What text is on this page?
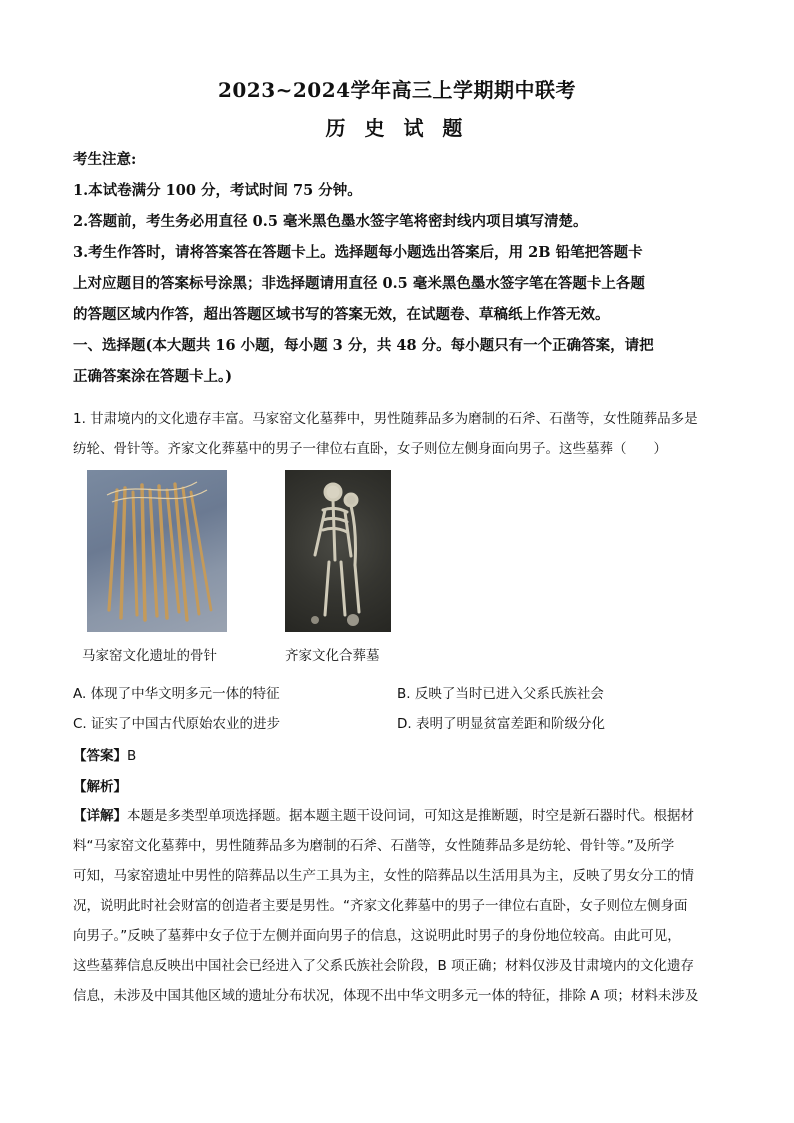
2023~2024学年高三上学期期中联考
历 史 试 题
考生注意:
1.本试卷满分 100 分，考试时间 75 分钟。
2.答题前，考生务必用直径 0.5 毫米黑色墨水签字笔将密封线内项目填写清楚。
3.考生作答时，请将答案答在答题卡上。选择题每小题选出答案后，用 2B 铅笔把答题卡
上对应题目的答案标号涂黑；非选择题请用直径 0.5 毫米黑色墨水签字笔在答题卡上各题
的答题区域内作答，超出答题区域书写的答案无效，在试题卷、草稿纸上作答无效。
一、选择题(本大题共 16 小题，每小题 3 分，共 48 分。每小题只有一个正确答案，请把
正确答案涂在答题卡上。)
1. 甘肃境内的文化遗存丰富。马家窑文化墓葬中，男性随葬品多为磨制的石斧、石凿等，女性随葬品多是
纺轮、骨针等。齐家文化葬墓中的男子一律位右直卧，女子则位左侧身面向男子。这些墓葬（　　）
马家窑文化遗址的骨针	齐家文化合葬墓
A. 体现了中华文明多元一体的特征	B. 反映了当时已进入父系氏族社会
C. 证实了中国古代原始农业的进步	D. 表明了明显贫富差距和阶级分化
【答案】B
【解析】
【详解】本题是多类型单项选择题。据本题主题干设问词，可知这是推断题，时空是新石器时代。根据材
料“马家窑文化墓葬中，男性随葬品多为磨制的石斧、石凿等，女性随葬品多是纺轮、骨针等。”及所学
可知，马家窑遗址中男性的陪葬品以生产工具为主，女性的陪葬品以生活用具为主，反映了男女分工的情
况，说明此时社会财富的创造者主要是男性。“齐家文化葬墓中的男子一律位右直卧，女子则位左侧身面
向男子。”反映了墓葬中女子位于左侧并面向男子的信息，这说明此时男子的身份地位较高。由此可见，
这些墓葬信息反映出中国社会已经进入了父系氏族社会阶段，B 项正确；材料仅涉及甘肃境内的文化遗存
信息，未涉及中国其他区域的遗址分布状况，体现不出中华文明多元一体的特征，排除 A 项；材料未涉及
